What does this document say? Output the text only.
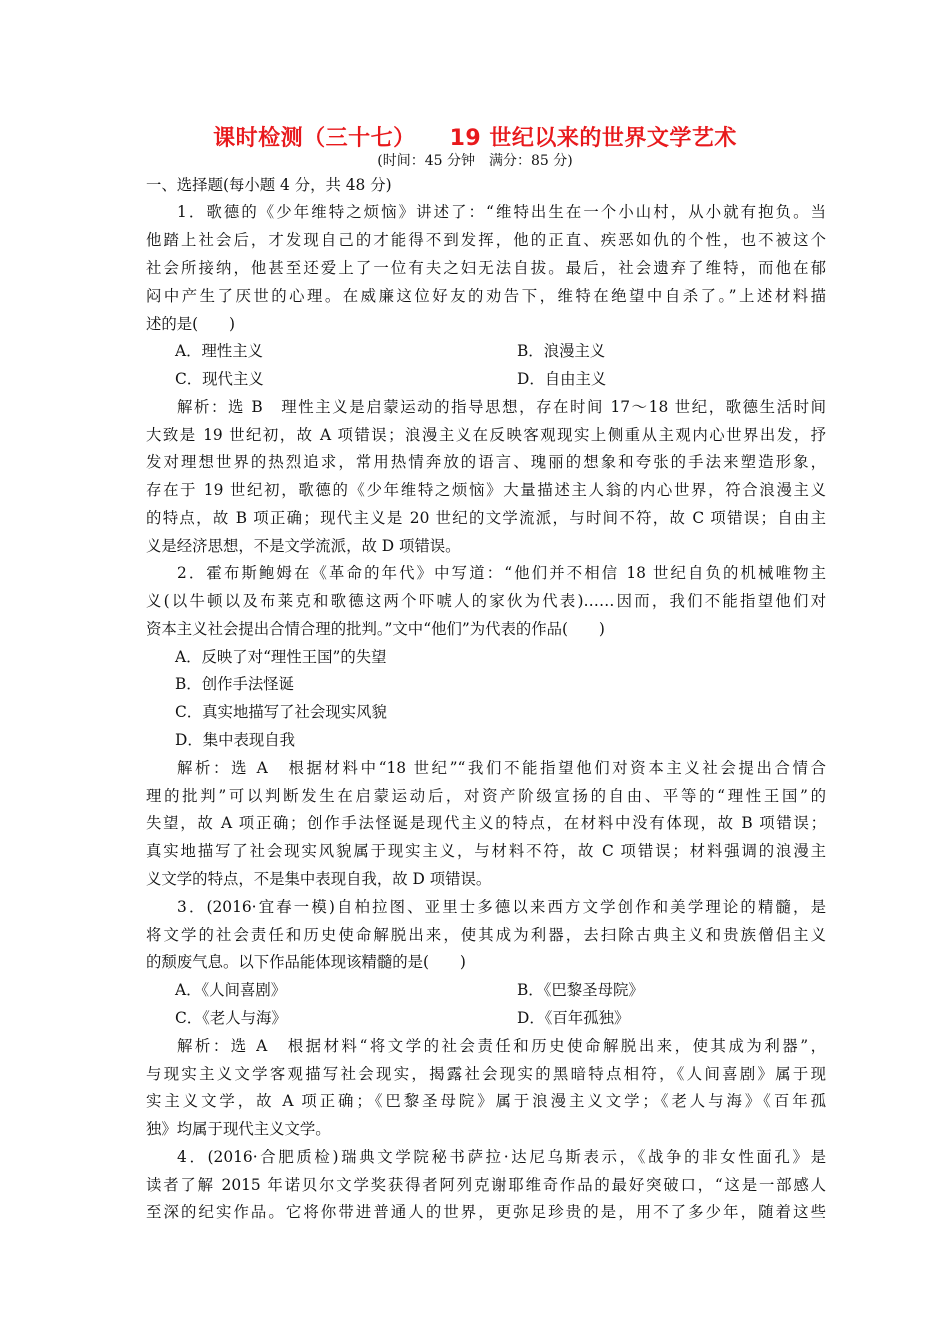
课时检测（三十七） 19 世纪以来的世界文学艺术
(时间：45 分钟　满分：85 分)
一、选择题(每小题 4 分，共 48 分)
1．歌德的《少年维特之烦恼》讲述了：“维特出生在一个小山村，从小就有抱负。当
他踏上社会后，才发现自己的才能得不到发挥，他的正直、疾恶如仇的个性，也不被这个
社会所接纳，他甚至还爱上了一位有夫之妇无法自拔。最后，社会遗弃了维特，而他在郁
闷中产生了厌世的心理。在威廉这位好友的劝告下，维特在绝望中自杀了。”上述材料描
述的是(　　)
A．理性主义	B．浪漫主义
C．现代主义	D．自由主义
解析：选 B　理性主义是启蒙运动的指导思想，存在时间 17～18 世纪，歌德生活时间
大致是 19 世纪初，故 A 项错误；浪漫主义在反映客观现实上侧重从主观内心世界出发，抒
发对理想世界的热烈追求，常用热情奔放的语言、瑰丽的想象和夸张的手法来塑造形象，
存在于 19 世纪初，歌德的《少年维特之烦恼》大量描述主人翁的内心世界，符合浪漫主义
的特点，故 B 项正确；现代主义是 20 世纪的文学流派，与时间不符，故 C 项错误；自由主
义是经济思想，不是文学流派，故 D 项错误。
2．霍布斯鲍姆在《革命的年代》中写道：“他们并不相信 18 世纪自负的机械唯物主
义(以牛顿以及布莱克和歌德这两个吓唬人的家伙为代表)……因而，我们不能指望他们对
资本主义社会提出合情合理的批判。”文中“他们”为代表的作品(　　)
A．反映了对“理性王国”的失望
B．创作手法怪诞
C．真实地描写了社会现实风貌
D．集中表现自我
解析：选 A　根据材料中“18 世纪”“我们不能指望他们对资本主义社会提出合情合
理的批判”可以判断发生在启蒙运动后，对资产阶级宣扬的自由、平等的“理性王国”的
失望，故 A 项正确；创作手法怪诞是现代主义的特点，在材料中没有体现，故 B 项错误；
真实地描写了社会现实风貌属于现实主义，与材料不符，故 C 项错误；材料强调的浪漫主
义文学的特点，不是集中表现自我，故 D 项错误。
3．(2016·宜春一模)自柏拉图、亚里士多德以来西方文学创作和美学理论的精髓，是
将文学的社会责任和历史使命解脱出来，使其成为利器，去扫除古典主义和贵族僧侣主义
的颓废气息。以下作品能体现该精髓的是(　　)
A．《人间喜剧》	B．《巴黎圣母院》
C．《老人与海》	D．《百年孤独》
解析：选 A　根据材料“将文学的社会责任和历史使命解脱出来，使其成为利器”，
与现实主义文学客观描写社会现实，揭露社会现实的黑暗特点相符，《人间喜剧》属于现
实主义文学，故 A 项正确；《巴黎圣母院》属于浪漫主义文学；《老人与海》《百年孤
独》均属于现代主义文学。
4．(2016·合肥质检)瑞典文学院秘书萨拉·达尼乌斯表示，《战争的非女性面孔》是
读者了解 2015 年诺贝尔文学奖获得者阿列克谢耶维奇作品的最好突破口，“这是一部感人
至深的纪实作品。它将你带进普通人的世界，更弥足珍贵的是，用不了多少年，随着这些
